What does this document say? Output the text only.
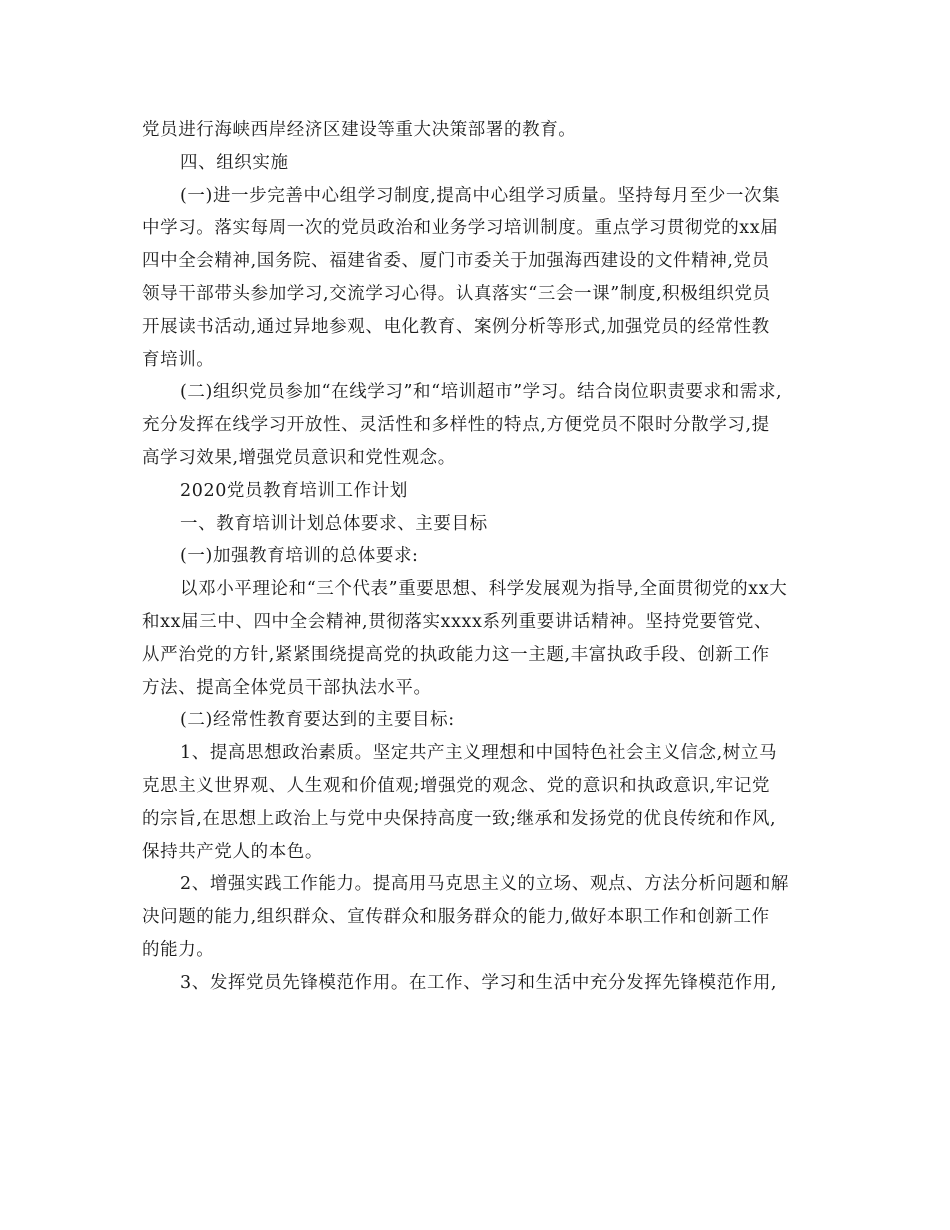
党员进行海峡西岸经济区建设等重大决策部署的教育。
四、组织实施
(一)进一步完善中心组学习制度,提高中心组学习质量。坚持每月至少一次集
中学习。落实每周一次的党员政治和业务学习培训制度。重点学习贯彻党的xx届
四中全会精神,国务院、福建省委、厦门市委关于加强海西建设的文件精神,党员
领导干部带头参加学习,交流学习心得。认真落实“三会一课”制度,积极组织党员
开展读书活动,通过异地参观、电化教育、案例分析等形式,加强党员的经常性教
育培训。
(二)组织党员参加“在线学习”和“培训超市”学习。结合岗位职责要求和需求,
充分发挥在线学习开放性、灵活性和多样性的特点,方便党员不限时分散学习,提
高学习效果,增强党员意识和党性观念。
2020党员教育培训工作计划
一、教育培训计划总体要求、主要目标
(一)加强教育培训的总体要求:
以邓小平理论和“三个代表”重要思想、科学发展观为指导,全面贯彻党的xx大
和xx届三中、四中全会精神,贯彻落实xxxx系列重要讲话精神。坚持党要管党、
从严治党的方针,紧紧围绕提高党的执政能力这一主题,丰富执政手段、创新工作
方法、提高全体党员干部执法水平。
(二)经常性教育要达到的主要目标:
1、提高思想政治素质。坚定共产主义理想和中国特色社会主义信念,树立马
克思主义世界观、人生观和价值观;增强党的观念、党的意识和执政意识,牢记党
的宗旨,在思想上政治上与党中央保持高度一致;继承和发扬党的优良传统和作风,
保持共产党人的本色。
2、增强实践工作能力。提高用马克思主义的立场、观点、方法分析问题和解
决问题的能力,组织群众、宣传群众和服务群众的能力,做好本职工作和创新工作
的能力。
3、发挥党员先锋模范作用。在工作、学习和生活中充分发挥先锋模范作用,
